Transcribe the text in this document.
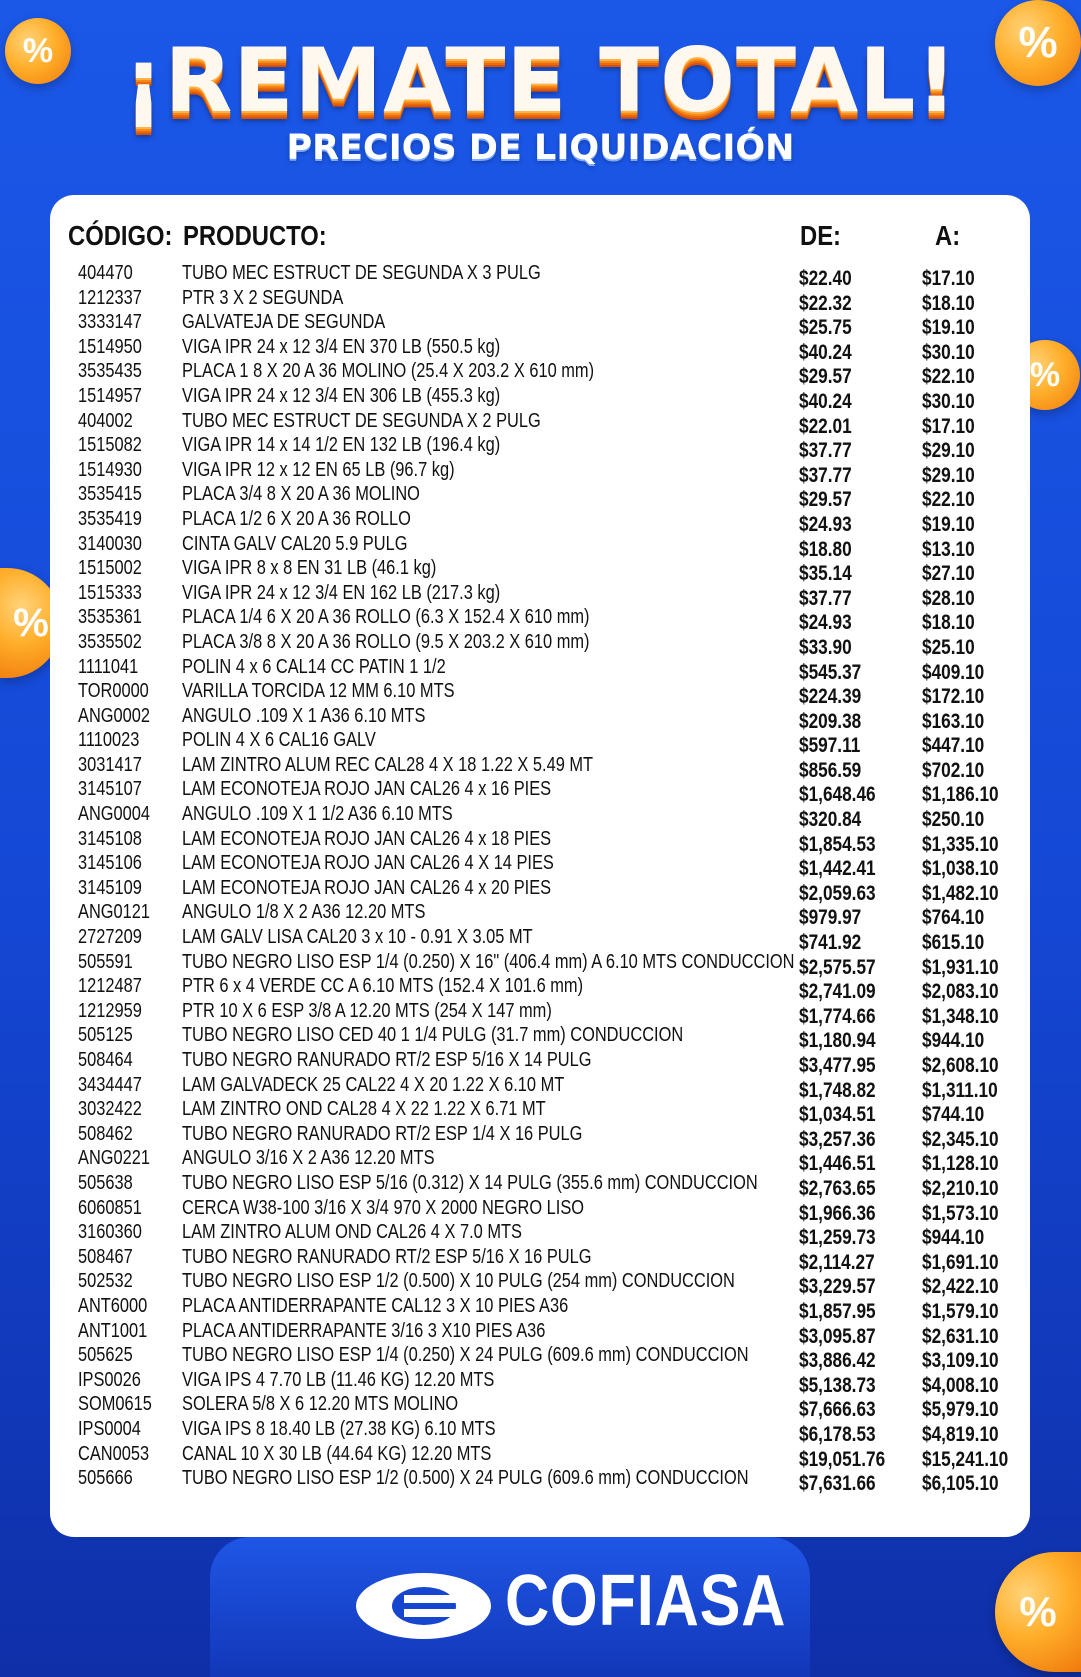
%	%
%
%
%
¡REMATE TOTAL!
PRECIOS DE LIQUIDACIÓN
CÓDIGO: PRODUCTO:	DE:	A:
404470 TUBO MEC ESTRUCT DE SEGUNDA X 3 PULG	$22.40	$17.10
1212337 PTR 3 X 2 SEGUNDA	$22.32	$18.10
3333147 GALVATEJA DE SEGUNDA	$25.75	$19.10
1514950 VIGA IPR 24 x 12 3/4 EN 370 LB (550.5 kg)	$40.24	$30.10
3535435 PLACA 1 8 X 20 A 36 MOLINO (25.4 X 203.2 X 610 mm)	$29.57	$22.10
1514957 VIGA IPR 24 x 12 3/4 EN 306 LB (455.3 kg)	$40.24	$30.10
404002 TUBO MEC ESTRUCT DE SEGUNDA X 2 PULG	$22.01	$17.10
1515082 VIGA IPR 14 x 14 1/2 EN 132 LB (196.4 kg)	$37.77	$29.10
1514930 VIGA IPR 12 x 12 EN 65 LB (96.7 kg)	$37.77	$29.10
3535415 PLACA 3/4 8 X 20 A 36 MOLINO	$29.57	$22.10
3535419 PLACA 1/2 6 X 20 A 36 ROLLO	$24.93	$19.10
3140030 CINTA GALV CAL20 5.9 PULG	$18.80	$13.10
1515002 VIGA IPR 8 x 8 EN 31 LB (46.1 kg)	$35.14	$27.10
1515333 VIGA IPR 24 x 12 3/4 EN 162 LB (217.3 kg)	$37.77	$28.10
3535361 PLACA 1/4 6 X 20 A 36 ROLLO (6.3 X 152.4 X 610 mm)	$24.93	$18.10
3535502 PLACA 3/8 8 X 20 A 36 ROLLO (9.5 X 203.2 X 610 mm)	$33.90	$25.10
1111041 POLIN 4 x 6 CAL14 CC PATIN 1 1/2	$545.37	$409.10
TOR0000 VARILLA TORCIDA 12 MM 6.10 MTS	$224.39	$172.10
ANG0002 ANGULO .109 X 1 A36 6.10 MTS	$209.38	$163.10
1110023 POLIN 4 X 6 CAL16 GALV	$597.11	$447.10
3031417 LAM ZINTRO ALUM REC CAL28 4 X 18 1.22 X 5.49 MT	$856.59	$702.10
3145107 LAM ECONOTEJA ROJO JAN CAL26 4 x 16 PIES	$1,648.46 $1,186.10
ANG0004 ANGULO .109 X 1 1/2 A36 6.10 MTS	$320.84	$250.10
3145108 LAM ECONOTEJA ROJO JAN CAL26 4 x 18 PIES	$1,854.53 $1,335.10
3145106 LAM ECONOTEJA ROJO JAN CAL26 4 X 14 PIES	$1,442.41 $1,038.10
3145109 LAM ECONOTEJA ROJO JAN CAL26 4 x 20 PIES	$2,059.63 $1,482.10
ANG0121 ANGULO 1/8 X 2 A36 12.20 MTS	$979.97	$764.10
2727209 LAM GALV LISA CAL20 3 x 10 - 0.91 X 3.05 MT	$741.92	$615.10
505591 TUBO NEGRO LISO ESP 1/4 (0.250) X 16" (406.4 mm) A 6.10 MTS CONDUCCION $2,575.57 $1,931.10
1212487 PTR 6 x 4 VERDE CC A 6.10 MTS (152.4 X 101.6 mm)	$2,741.09 $2,083.10
1212959 PTR 10 X 6 ESP 3/8 A 12.20 MTS (254 X 147 mm)	$1,774.66 $1,348.10
505125 TUBO NEGRO LISO CED 40 1 1/4 PULG (31.7 mm) CONDUCCION	$1,180.94 $944.10
508464 TUBO NEGRO RANURADO RT/2 ESP 5/16 X 14 PULG	$3,477.95 $2,608.10
3434447 LAM GALVADECK 25 CAL22 4 X 20 1.22 X 6.10 MT	$1,748.82 $1,311.10
3032422 LAM ZINTRO OND CAL28 4 X 22 1.22 X 6.71 MT	$1,034.51 $744.10
508462 TUBO NEGRO RANURADO RT/2 ESP 1/4 X 16 PULG	$3,257.36 $2,345.10
ANG0221 ANGULO 3/16 X 2 A36 12.20 MTS	$1,446.51 $1,128.10
505638 TUBO NEGRO LISO ESP 5/16 (0.312) X 14 PULG (355.6 mm) CONDUCCION $2,763.65 $2,210.10
6060851 CERCA W38-100 3/16 X 3/4 970 X 2000 NEGRO LISO	$1,966.36 $1,573.10
3160360 LAM ZINTRO ALUM OND CAL26 4 X 7.0 MTS	$1,259.73 $944.10
508467 TUBO NEGRO RANURADO RT/2 ESP 5/16 X 16 PULG	$2,114.27 $1,691.10
502532 TUBO NEGRO LISO ESP 1/2 (0.500) X 10 PULG (254 mm) CONDUCCION	$3,229.57 $2,422.10
ANT6000 PLACA ANTIDERRAPANTE CAL12 3 X 10 PIES A36	$1,857.95 $1,579.10
ANT1001 PLACA ANTIDERRAPANTE 3/16 3 X10 PIES A36	$3,095.87 $2,631.10
505625 TUBO NEGRO LISO ESP 1/4 (0.250) X 24 PULG (609.6 mm) CONDUCCION $3,886.42 $3,109.10
IPS0026 VIGA IPS 4 7.70 LB (11.46 KG) 12.20 MTS	$5,138.73 $4,008.10
SOM0615 SOLERA 5/8 X 6 12.20 MTS MOLINO	$7,666.63 $5,979.10
IPS0004 VIGA IPS 8 18.40 LB (27.38 KG) 6.10 MTS	$6,178.53 $4,819.10
CAN0053 CANAL 10 X 30 LB (44.64 KG) 12.20 MTS	$19,051.76 $15,241.10
505666 TUBO NEGRO LISO ESP 1/2 (0.500) X 24 PULG (609.6 mm) CONDUCCION $7,631.66 $6,105.10
COFIASA
